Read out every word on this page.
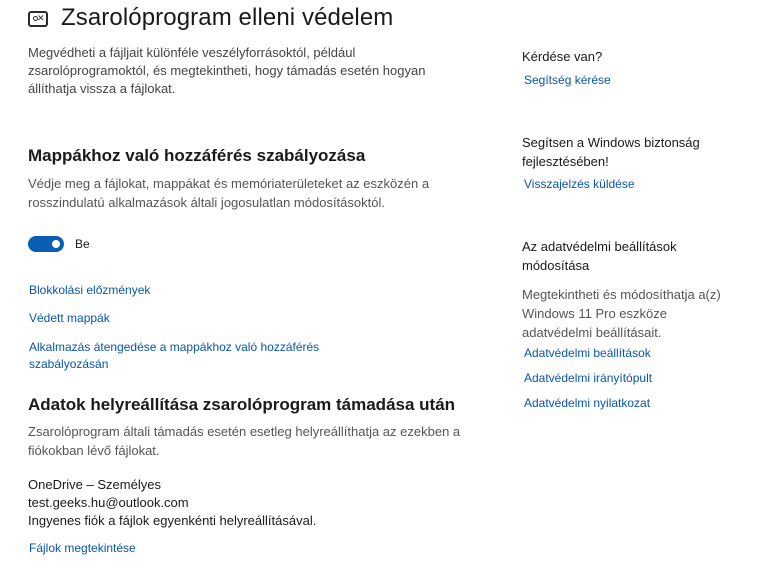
✕
Zsarolóprogram elleni védelem
Megvédheti a fájljait különféle veszélyforrásoktól, például zsarolóprogramoktól, és megtekintheti, hogy támadás esetén hogyan állíthatja vissza a fájlokat.
Mappákhoz való hozzáférés szabályozása
Védje meg a fájlokat, mappákat és memóriaterületeket az eszközén a rosszindulatú alkalmazások általi jogosulatlan módosításoktól.
Be
Blokkolási előzmények
Védett mappák
Alkalmazás átengedése a mappákhoz való hozzáférés
szabályozásán
Adatok helyreállítása zsarolóprogram támadása után
Zsarolóprogram általi támadás esetén esetleg helyreállíthatja az ezekben a fiókokban lévő fájlokat.
OneDrive – Személyes
test.geeks.hu@outlook.com
Ingyenes fiók a fájlok egyenkénti helyreállításával.
Fájlok megtekintése
Kérdése van?
Segítség kérése
Segítsen a Windows biztonság
fejlesztésében!
Visszajelzés küldése
Az adatvédelmi beállítások
módosítása
Megtekintheti és módosíthatja a(z)
Windows 11 Pro eszköze
adatvédelmi beállításait.
Adatvédelmi beállítások
Adatvédelmi irányítópult
Adatvédelmi nyilatkozat
